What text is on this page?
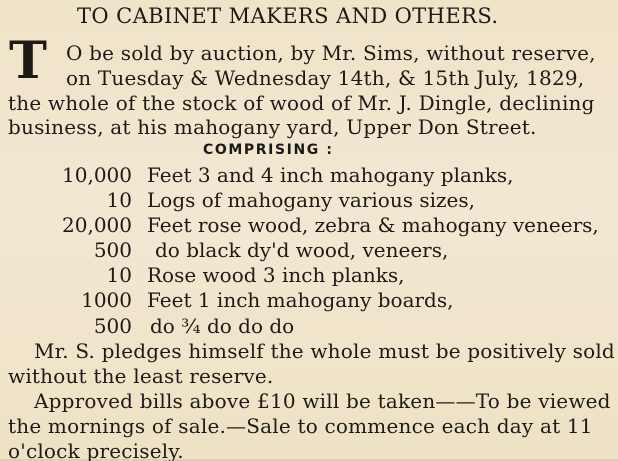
TO CABINET MAKERS AND OTHERS.
T O be sold by auction, by Mr. Sims, without reserve,
on Tuesday & Wednesday 14th, & 15th July, 1829,
the whole of the stock of wood of Mr. J. Dingle, declining
business, at his mahogany yard, Upper Don Street.
COMPRISING :
10,000 Feet 3 and 4 inch mahogany planks,
10 Logs of mahogany various sizes,
20,000 Feet rose wood, zebra & mahogany veneers,
500 do black dy'd wood, veneers,
10 Rose wood 3 inch planks,
1000 Feet 1 inch mahogany boards,
500 do ¾ do do do
Mr. S. pledges himself the whole must be positively sold
without the least reserve.
Approved bills above £10 will be taken——To be viewed
the mornings of sale.—Sale to commence each day at 11
o'clock precisely.
